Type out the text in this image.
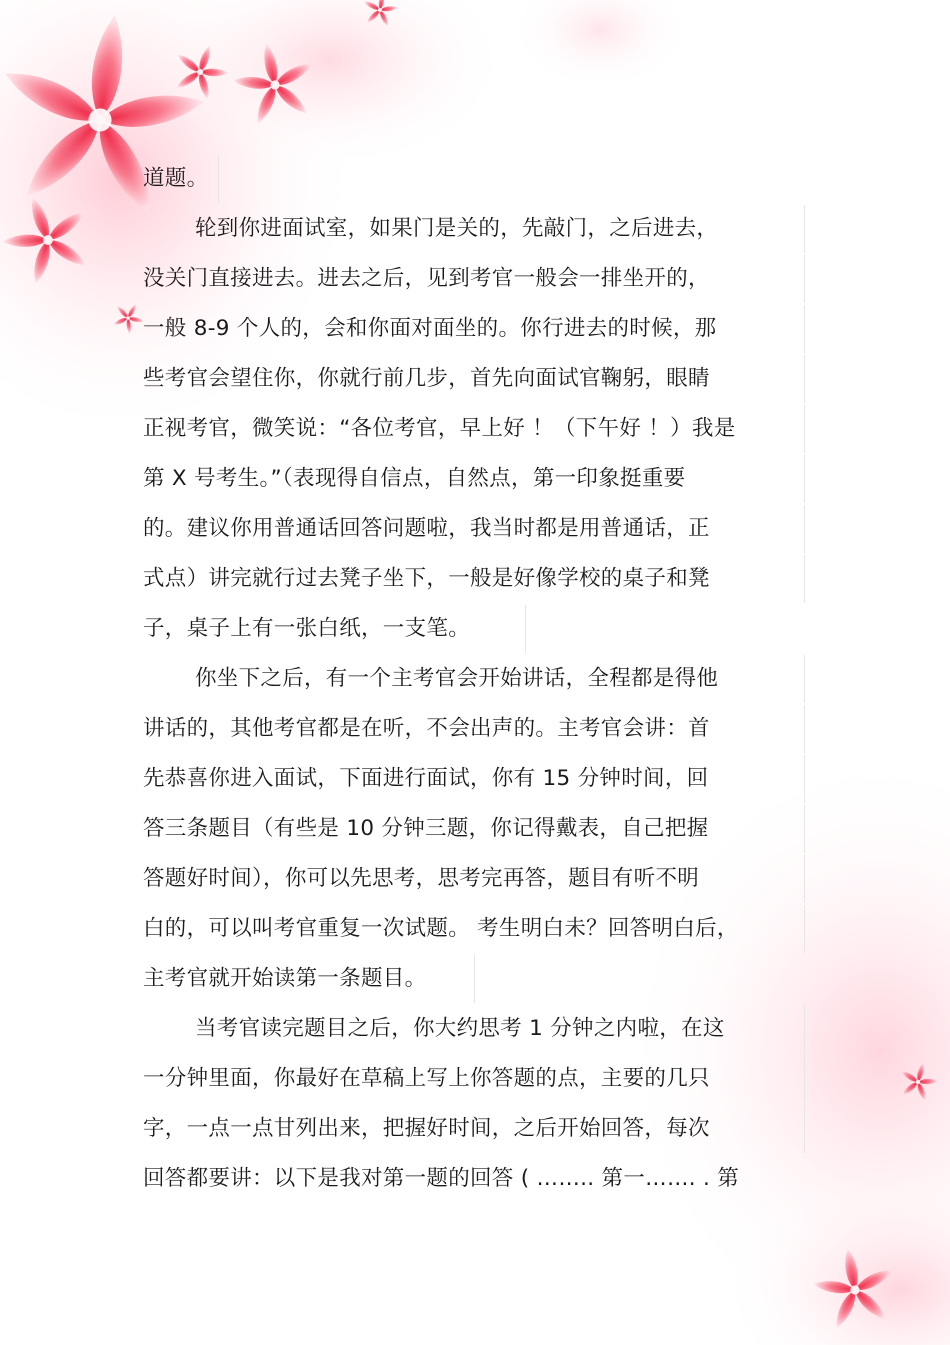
道题。
轮到你进面试室，如果门是关的，先敲门，之后进去，
没关门直接进去。进去之后，见到考官一般会一排坐开的，
一般 8-9 个人的，会和你面对面坐的。你行进去的时候，那
些考官会望住你，你就行前几步，首先向面试官鞠躬，眼睛
正视考官，微笑说：“各位考官，早上好 ！（下午好 ！）我是
第 X 号考生。”（表现得自信点，自然点，第一印象挺重要
的。建议你用普通话回答问题啦，我当时都是用普通话，正
式点）讲完就行过去凳子坐下，一般是好像学校的桌子和凳
子，桌子上有一张白纸，一支笔。
你坐下之后，有一个主考官会开始讲话，全程都是得他
讲话的，其他考官都是在听，不会出声的。主考官会讲：首
先恭喜你进入面试，下面进行面试，你有 15 分钟时间，回
答三条题目（有些是 10 分钟三题，你记得戴表，自己把握
答题好时间），你可以先思考，思考完再答，题目有听不明
白的，可以叫考官重复一次试题。 考生明白未？回答明白后，
主考官就开始读第一条题目。
当考官读完题目之后，你大约思考 1 分钟之内啦，在这
一分钟里面，你最好在草稿上写上你答题的点，主要的几只
字，一点一点甘列出来，把握好时间，之后开始回答，每次
回答都要讲：以下是我对第一题的回答 ( …….. 第一……. . 第
